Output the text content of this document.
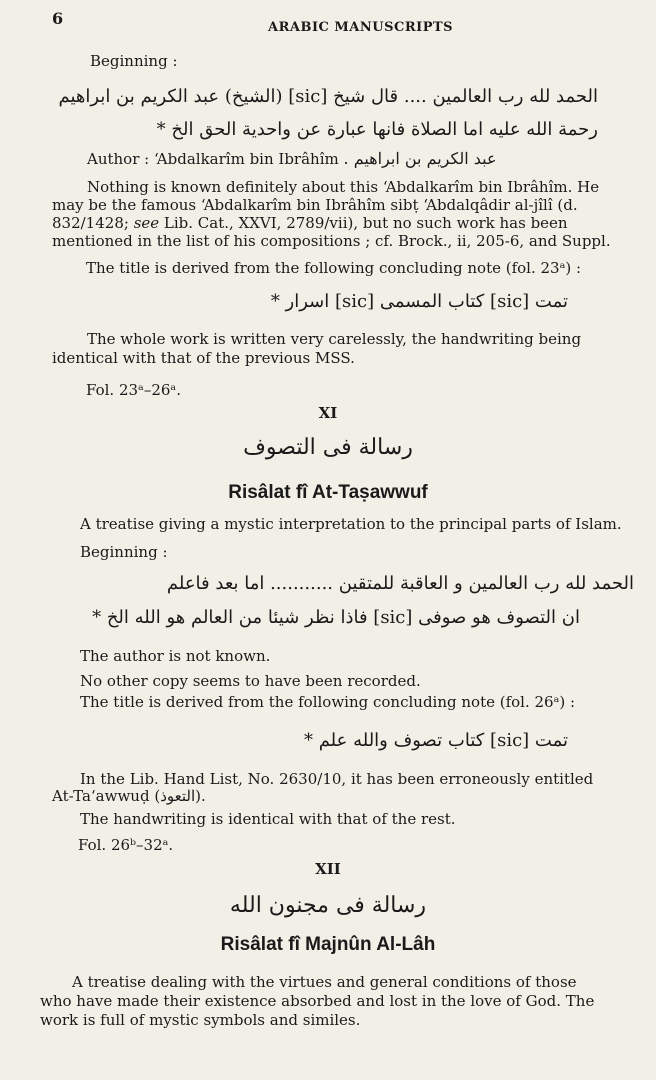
6	ARABIC MANUSCRIPTS
Beginning :
الحمد لله رب العالمين .... قال شيخ [sic] (الشيخ) عبد الكريم بن ابراهيم
رحمة الله عليه اما الصلاة فانها عبارة عن واحدية الحق الخ *
Author : ‘Abdalkarîm bin Ibrâhîm عبد الكريم بن ابراهيم .
Nothing is known definitely about this ‘Abdalkarîm bin Ibrâhîm. He
may be the famous ‘Abdalkarîm bin Ibrâhîm sibṭ ‘Abdalqâdir al-jîlî (d.
832/1428; see Lib. Cat., XXVI, 2789/vii), but no such work has been
mentioned in the list of his compositions ; cf. Brock., ii, 205-6, and Suppl.
The title is derived from the following concluding note (fol. 23ᵃ) :
تمت [sic] كتاب المسمى [sic] اسرار *
The whole work is written very carelessly, the handwriting being
identical with that of the previous MSS.
Fol. 23ᵃ–26ᵃ.
XI
رسالة فى التصوف
Risâlat fî At-Taṣawwuf
A treatise giving a mystic interpretation to the principal parts of Islam.
Beginning :
الحمد لله رب العالمين و العاقبة للمتقين ........... اما بعد فاعلم
ان التصوف هو صوفى [sic] فاذا نظر شيئا من العالم هو الله الخ *
The author is not known.
No other copy seems to have been recorded.
The title is derived from the following concluding note (fol. 26ᵃ) :
تمت [sic] كتاب تصوف والله علم *
In the Lib. Hand List, No. 2630/10, it has been erroneously entitled
At-Ta‘awwuḍ (التعوذ).
The handwriting is identical with that of the rest.
Fol. 26ᵇ–32ᵃ.
XII
رسالة فى مجنون الله
Risâlat fî Majnûn Al-Lâh
A treatise dealing with the virtues and general conditions of those
who have made their existence absorbed and lost in the love of God. The
work is full of mystic symbols and similes.
